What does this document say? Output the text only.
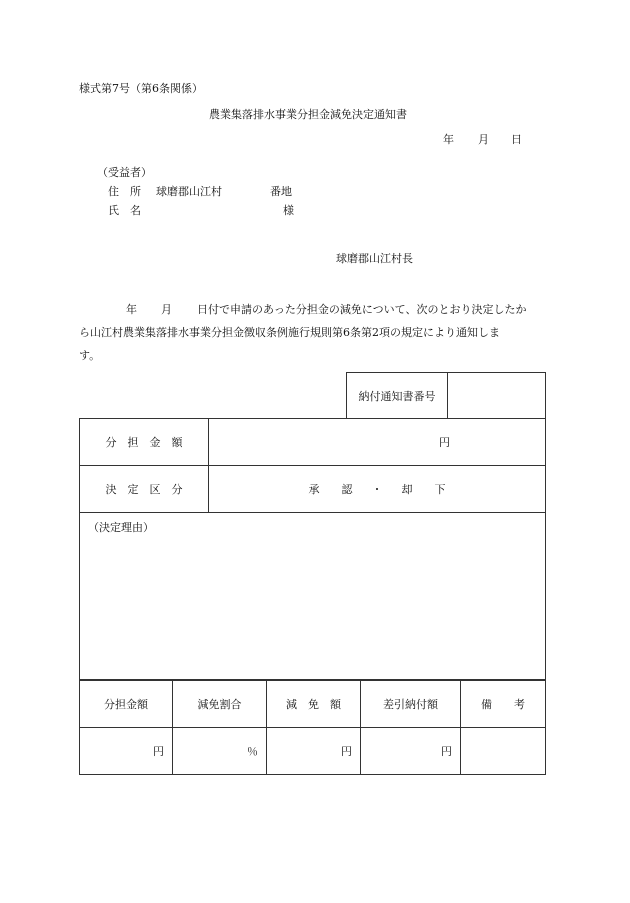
様式第7号（第6条関係）
農業集落排水事業分担金減免決定通知書
年 月 日
（受益者）
住　所 球磨郡山江村	番地
氏　名	様
球磨郡山江村長
年 月 日付で申請のあった分担金の減免について、次のとおり決定したか
ら山江村農業集落排水事業分担金徴収条例施行規則第6条第2項の規定により通知しま
す。
納付通知書番号	
分　担　金　額	円
決　定　区　分	承　　認 ・ 却　　下
（決定理由）	
分担金額	減免割合	減　免　額	差引納付額	備　　考
円	％	円	円	
